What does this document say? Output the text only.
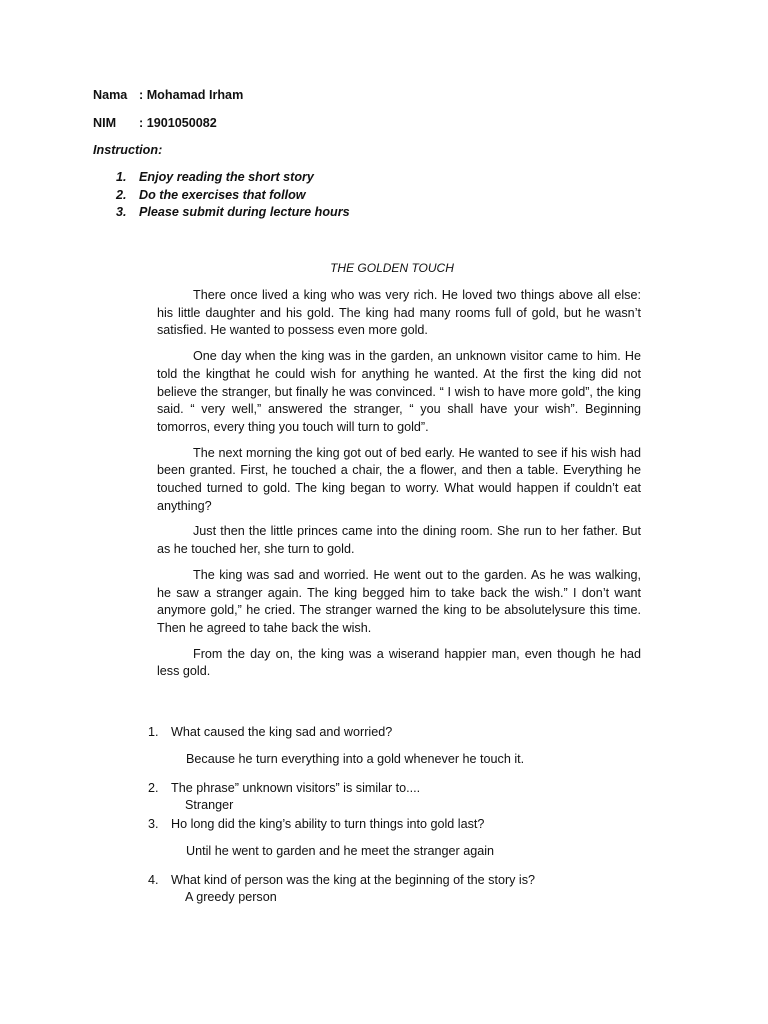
Nama : Mohamad Irham
NIM	: 1901050082
Instruction:
1. Enjoy reading the short story
2. Do the exercises that follow
3. Please submit during lecture hours
THE GOLDEN TOUCH

There once lived a king who was very rich. He loved two things above all else: his little daughter and his gold. The king had many rooms full of gold, but he wasn’t satisfied. He wanted to possess even more gold.

One day when the king was in the garden, an unknown visitor came to him. He told the kingthat he could wish for anything he wanted. At the first the king did not believe the stranger, but finally he was convinced. “ I wish to have more gold”, the king said. “ very well,” answered the stranger, “ you shall have your wish”. Beginning tomorros, every thing you touch will turn to gold”.

The next morning the king got out of bed early. He wanted to see if his wish had been granted. First, he touched a chair, the a flower, and then a table. Everything he touched turned to gold. The king began to worry. What would happen if couldn’t eat anything?

Just then the little princes came into the dining room. She run to her father. But as he touched her, she turn to gold.

The king was sad and worried. He went out to the garden. As he was walking, he saw a stranger again. The king begged him to take back the wish.” I don’t want anymore gold,” he cried. The stranger warned the king to be absolutelysure this time. Then he agreed to tahe back the wish.

From the day on, the king was a wiserand happier man, even though he had less gold.

1. What caused the king sad and worried?
Because he turn everything into a gold whenever he touch it.
2. The phrase” unknown visitors” is similar to....
Stranger
3. Ho long did the king’s ability to turn things into gold last?
Until he went to garden and he meet the stranger again
4. What kind of person was the king at the beginning of the story is?
A greedy person
